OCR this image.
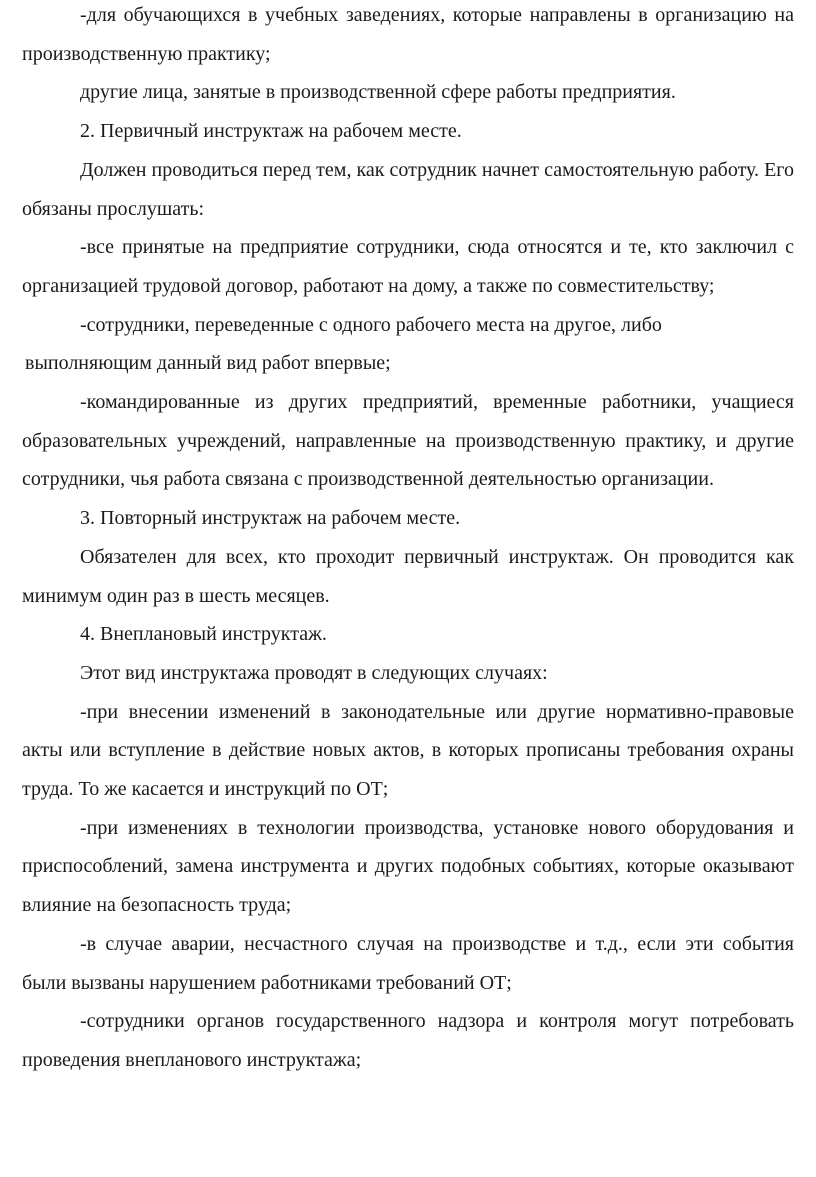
-для обучающихся в учебных заведениях, которые направлены в организацию на производственную практику;

другие лица, занятые в производственной сфере работы предприятия.

2. Первичный инструктаж на рабочем месте.

Должен проводиться перед тем, как сотрудник начнет самостоятельную работу. Его обязаны прослушать:

-все принятые на предприятие сотрудники, сюда относятся и те, кто заключил с организацией трудовой договор, работают на дому, а также по совместительству;

-сотрудники, переведенные с одного рабочего места на другое, либо

выполняющим данный вид работ впервые;

-командированные из других предприятий, временные работники, учащиеся образовательных учреждений, направленные на производственную практику, и другие сотрудники, чья работа связана с производственной деятельностью организации.

3. Повторный инструктаж на рабочем месте.

Обязателен для всех, кто проходит первичный инструктаж. Он проводится как минимум один раз в шесть месяцев.

4. Внеплановый инструктаж.

Этот вид инструктажа проводят в следующих случаях:

-при внесении изменений в законодательные или другие нормативно-правовые акты или вступление в действие новых актов, в которых прописаны требования охраны труда. То же касается и инструкций по ОТ;

-при изменениях в технологии производства, установке нового оборудования и приспособлений, замена инструмента и других подобных событиях, которые оказывают влияние на безопасность труда;

-в случае аварии, несчастного случая на производстве и т.д., если эти события были вызваны нарушением работниками требований ОТ;

-сотрудники органов государственного надзора и контроля могут потребовать проведения внепланового инструктажа;
